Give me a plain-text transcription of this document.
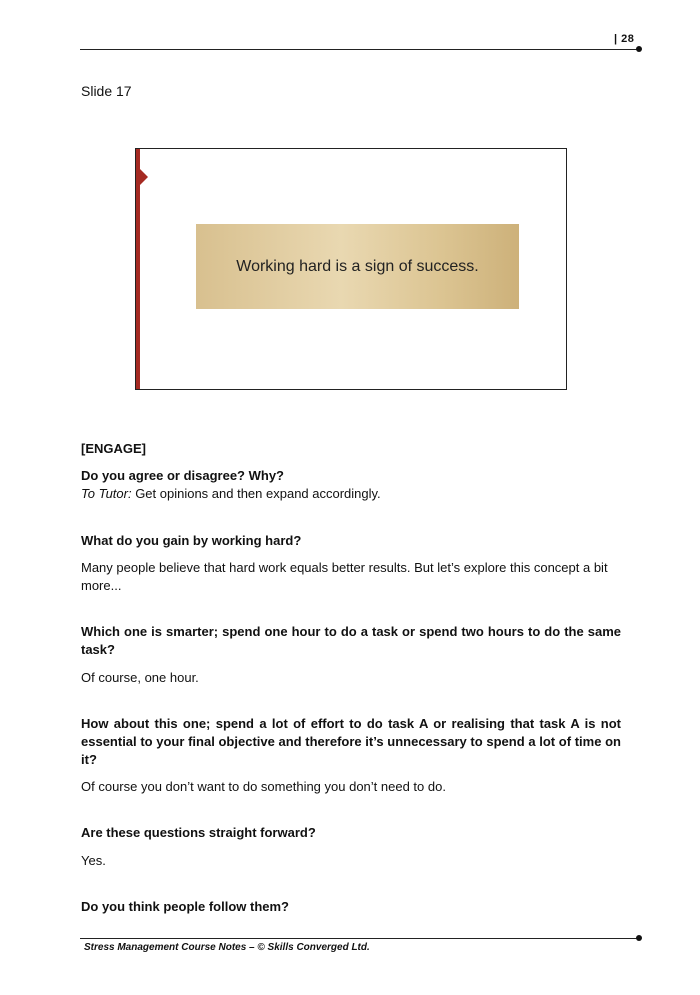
| 28
Slide 17
Working hard is a sign of success.

[ENGAGE]

Do you agree or disagree? Why?

To Tutor: Get opinions and then expand accordingly.

What do you gain by working hard?

Many people believe that hard work equals better results. But let’s explore this concept a bit more...

Which one is smarter; spend one hour to do a task or spend two hours to do the same task?

Of course, one hour.

How about this one; spend a lot of effort to do task A or realising that task A is not essential to your final objective and therefore it’s unnecessary to spend a lot of time on it?

Of course you don’t want to do something you don’t need to do.

Are these questions straight forward?

Yes.

Do you think people follow them?

Stress Management Course Notes – © Skills Converged Ltd.
